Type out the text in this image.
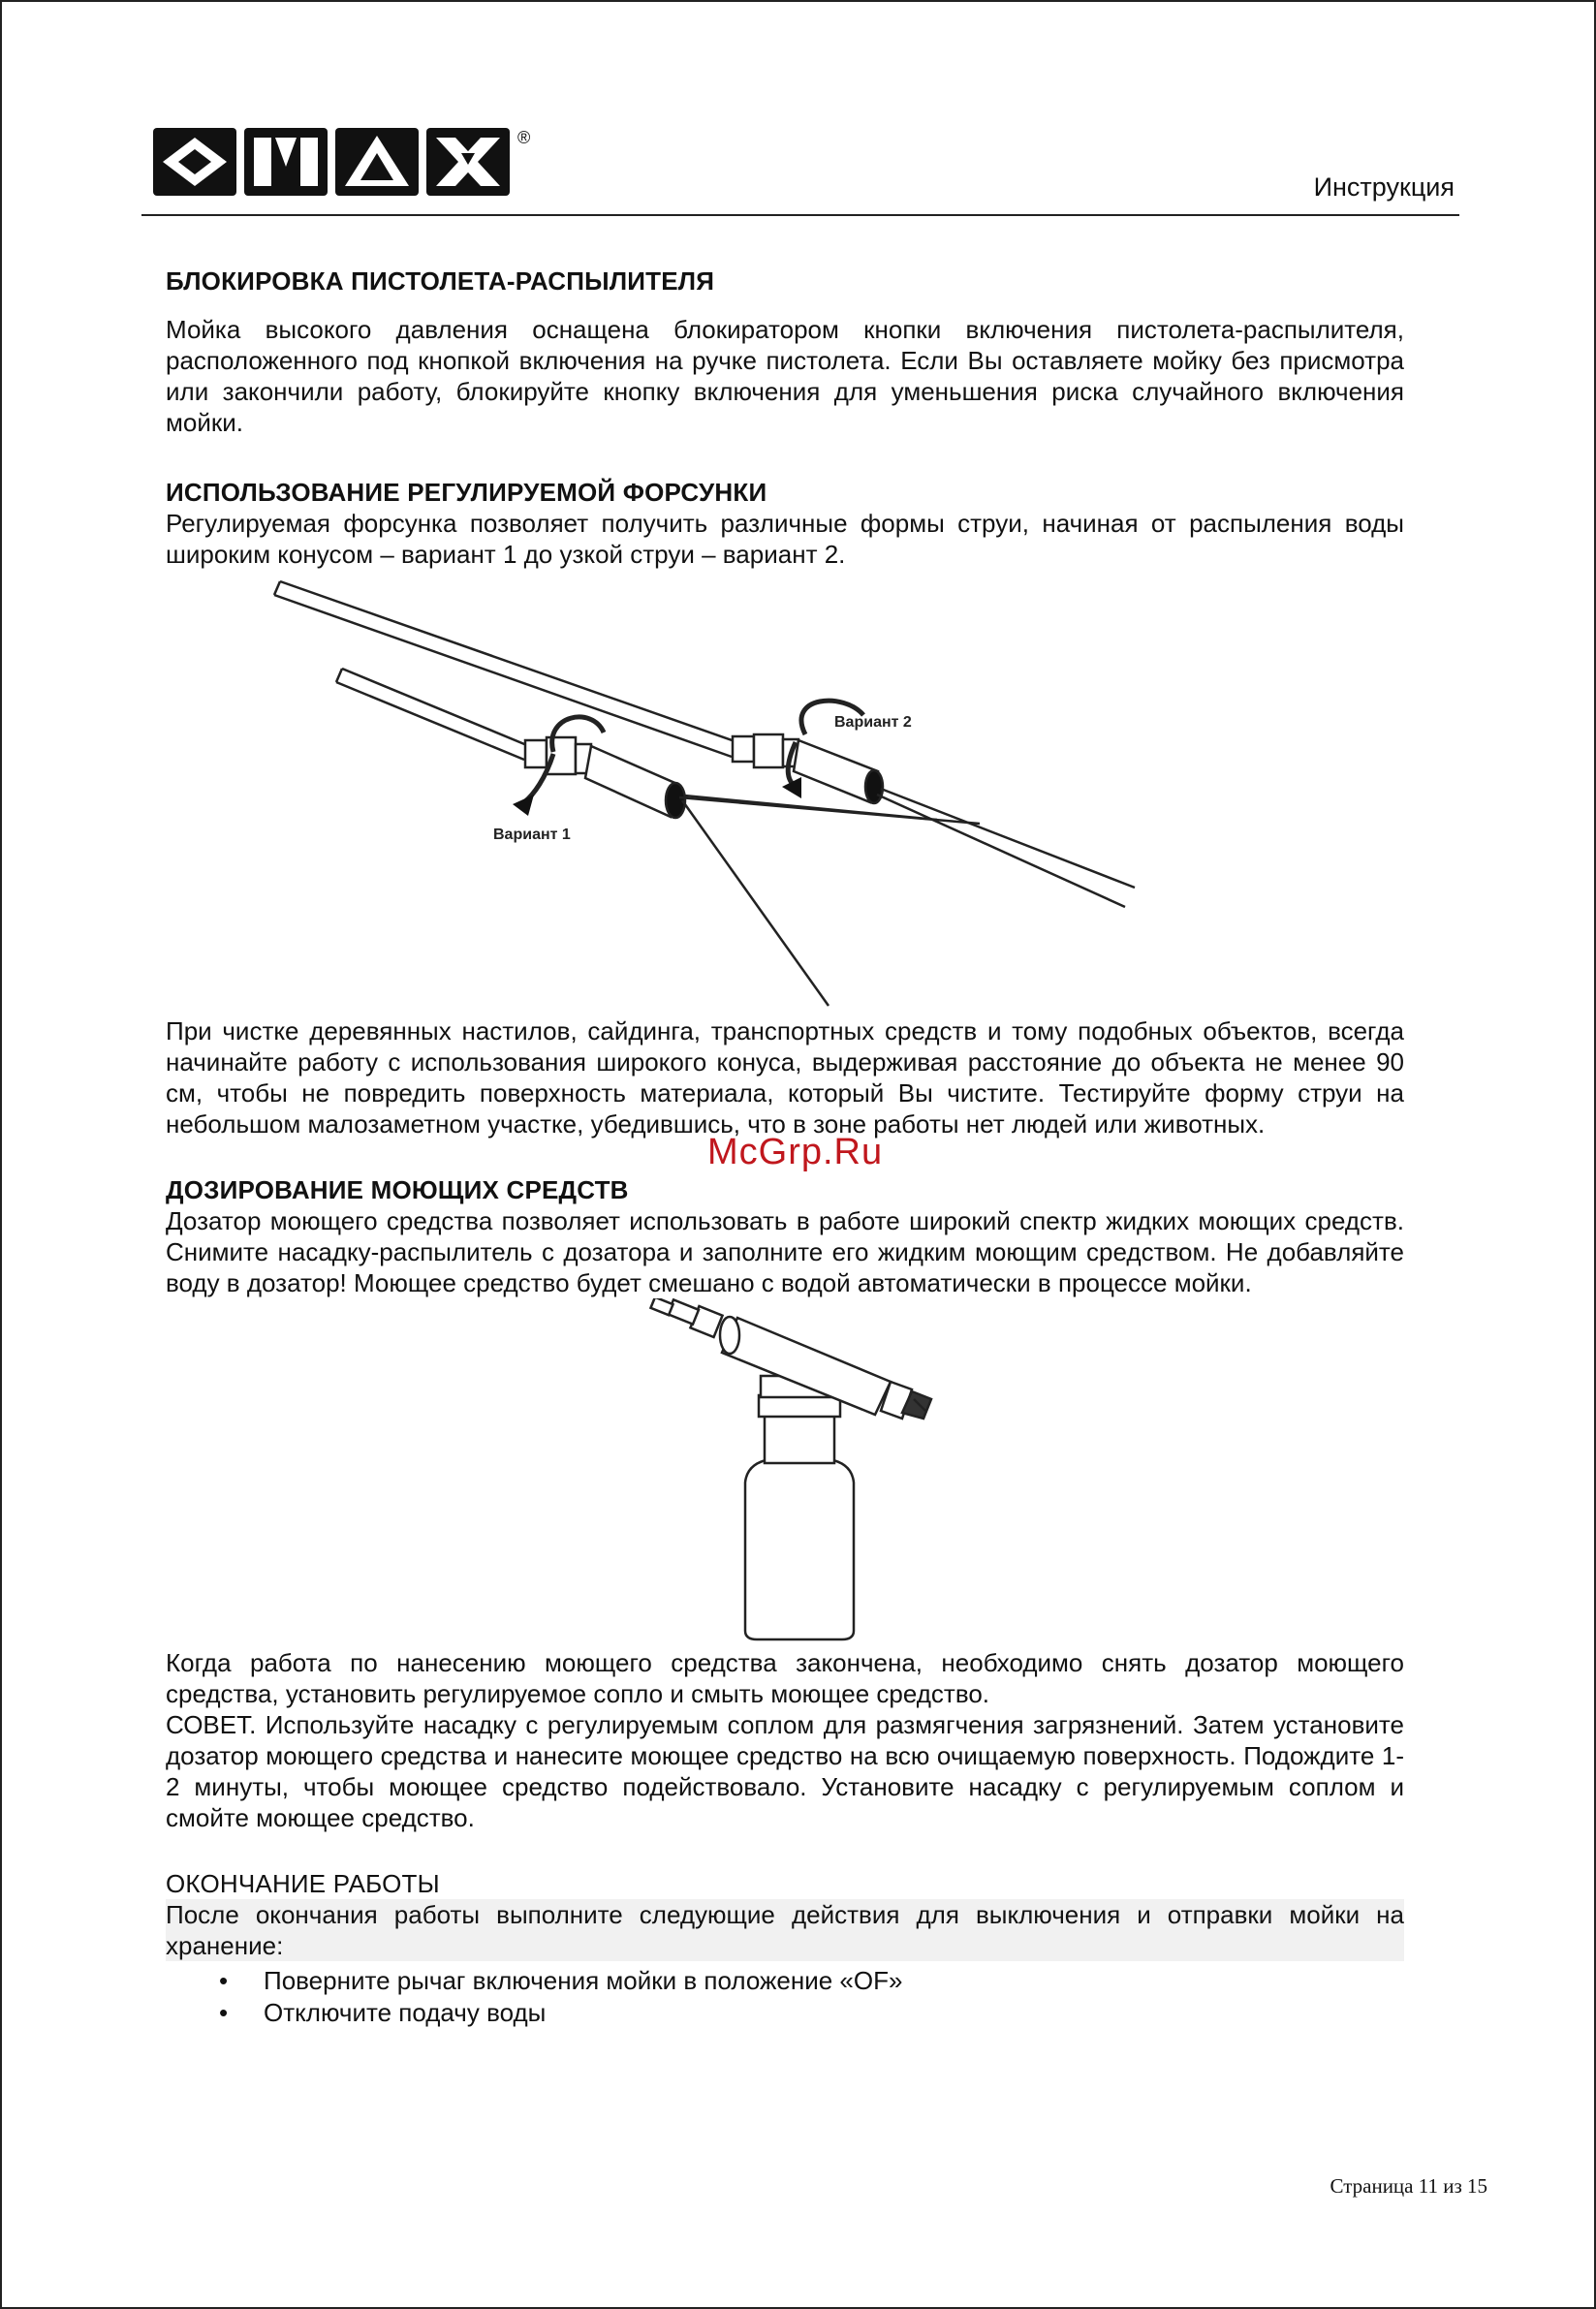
®
Инструкция
БЛОКИРОВКА ПИСТОЛЕТА-РАСПЫЛИТЕЛЯ

Мойка высокого давления оснащена блокиратором кнопки включения пистолета-распылителя, расположенного под кнопкой включения на ручке пистолета. Если Вы оставляете мойку без присмотра или закончили работу, блокируйте кнопку включения для уменьшения риска случайного включения мойки.

ИСПОЛЬЗОВАНИЕ РЕГУЛИРУЕМОЙ ФОРСУНКИ

Регулируемая форсунка позволяет получить различные формы струи, начиная от распыления воды широким конусом – вариант 1 до узкой струи – вариант 2.

Вариант 2
Вариант 1

При чистке деревянных настилов, сайдинга, транспортных средств и тому подобных объектов, всегда начинайте работу с использования широкого конуса, выдерживая расстояние до объекта не менее 90 см, чтобы не повредить поверхность материала, который Вы чистите. Тестируйте форму струи на небольшом малозаметном участке, убедившись, что в зоне работы нет людей или животных.

ДОЗИРОВАНИЕ МОЮЩИХ СРЕДСТВ

Дозатор моющего средства позволяет использовать в работе широкий спектр жидких моющих средств. Снимите насадку-распылитель с дозатора и заполните его жидким моющим средством. Не добавляйте воду в дозатор! Моющее средство будет смешано с водой автоматически в процессе мойки.

Когда работа по нанесению моющего средства закончена, необходимо снять дозатор моющего средства, установить регулируемое сопло и смыть моющее средство.

СОВЕТ. Используйте насадку с регулируемым соплом для размягчения загрязнений. Затем установите дозатор моющего средства и нанесите моющее средство на всю очищаемую поверхность. Подождите 1-2 минуты, чтобы моющее средство подействовало. Установите насадку с регулируемым соплом и смойте моющее средство.

ОКОНЧАНИЕ РАБОТЫ

После окончания работы выполните следующие действия для выключения и отправки мойки на хранение:

• Поверните рычаг включения мойки в положение «OF»
• Отключите подачу воды
McGrp.Ru
Страница 11 из 15
